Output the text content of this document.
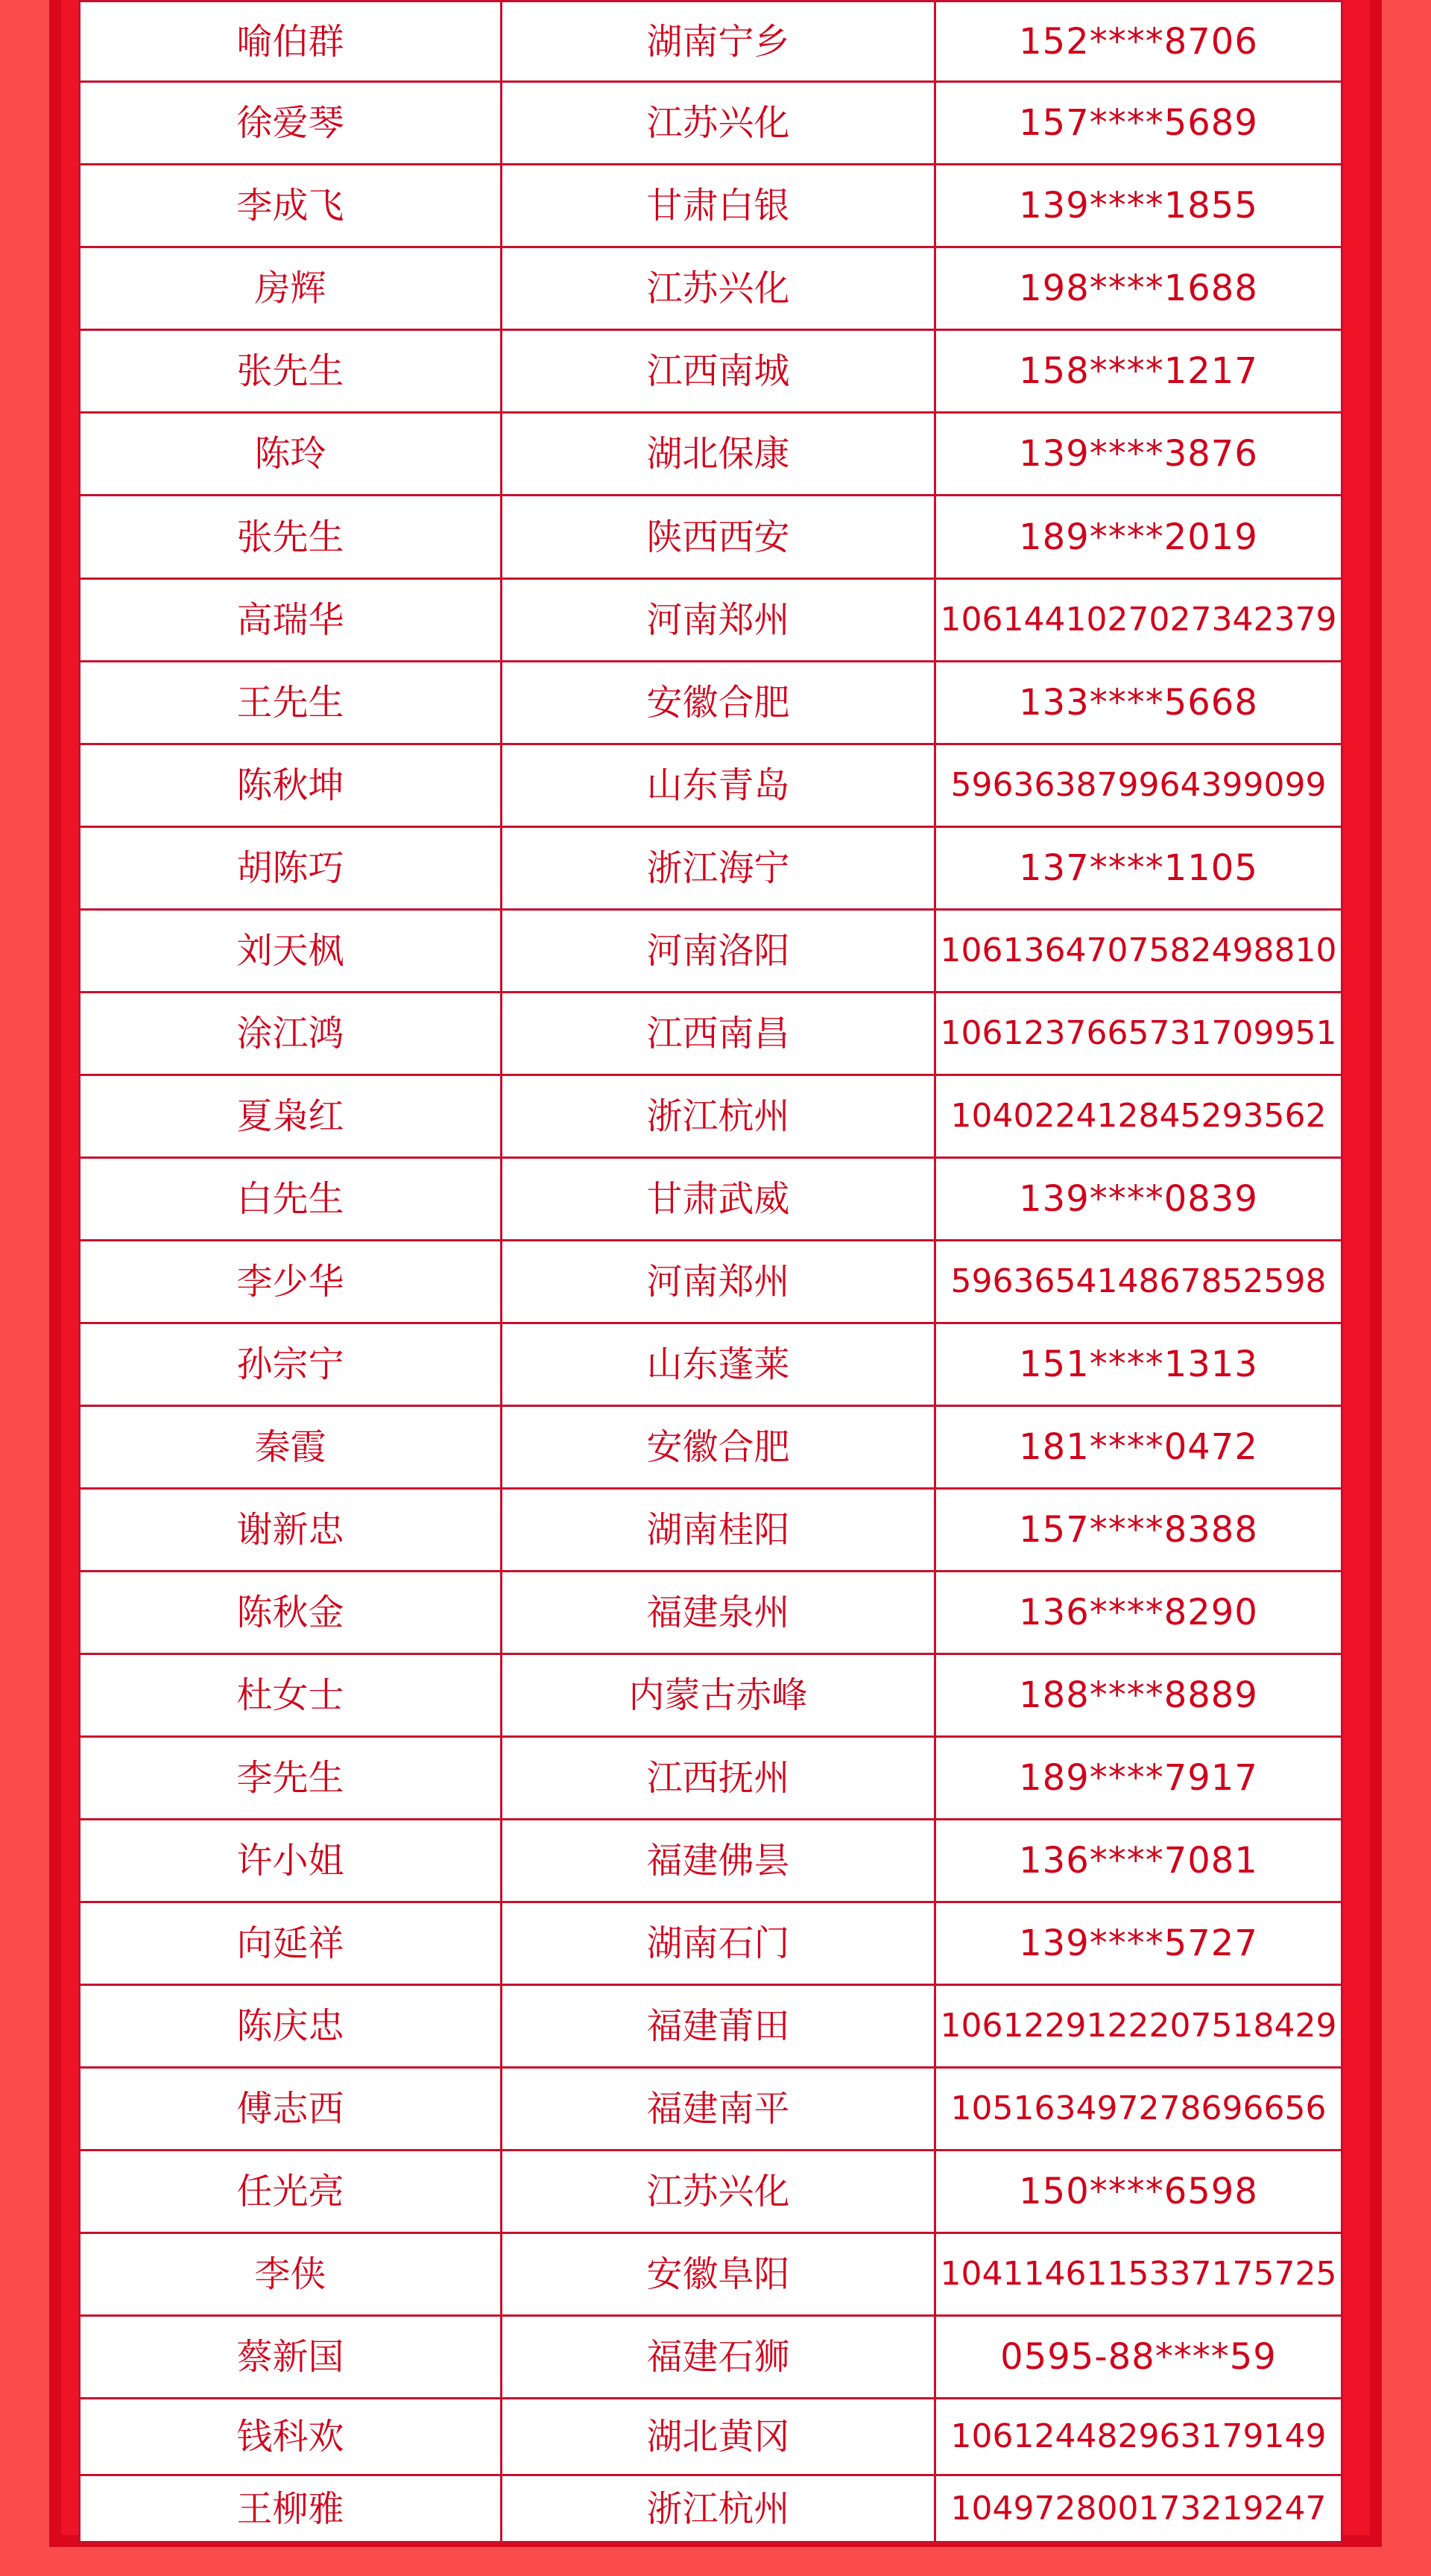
喻伯群	湖南宁乡	152****8706
徐爱琴	江苏兴化	157****5689
李成飞	甘肃白银	139****1855
房辉	江苏兴化	198****1688
张先生	江西南城	158****1217
陈玲	湖北保康	139****3876
张先生	陕西西安	189****2019
高瑞华	河南郑州	1061441027027342379
王先生	安徽合肥	133****5668
陈秋坤	山东青岛	596363879964399099
胡陈巧	浙江海宁	137****1105
刘天枫	河南洛阳	1061364707582498810
涂江鸿	江西南昌	1061237665731709951
夏枭红	浙江杭州	104022412845293562
白先生	甘肃武威	139****0839
李少华	河南郑州	596365414867852598
孙宗宁	山东蓬莱	151****1313
秦霞	安徽合肥	181****0472
谢新忠	湖南桂阳	157****8388
陈秋金	福建泉州	136****8290
杜女士	内蒙古赤峰	188****8889
李先生	江西抚州	189****7917
许小姐	福建佛昙	136****7081
向延祥	湖南石门	139****5727
陈庆忠	福建莆田	1061229122207518429
傅志西	福建南平	105163497278696656
任光亮	江苏兴化	150****6598
李侠	安徽阜阳	1041146115337175725
蔡新国	福建石狮	0595-88****59
钱科欢	湖北黄冈	106124482963179149
王柳雅	浙江杭州	104972800173219247
